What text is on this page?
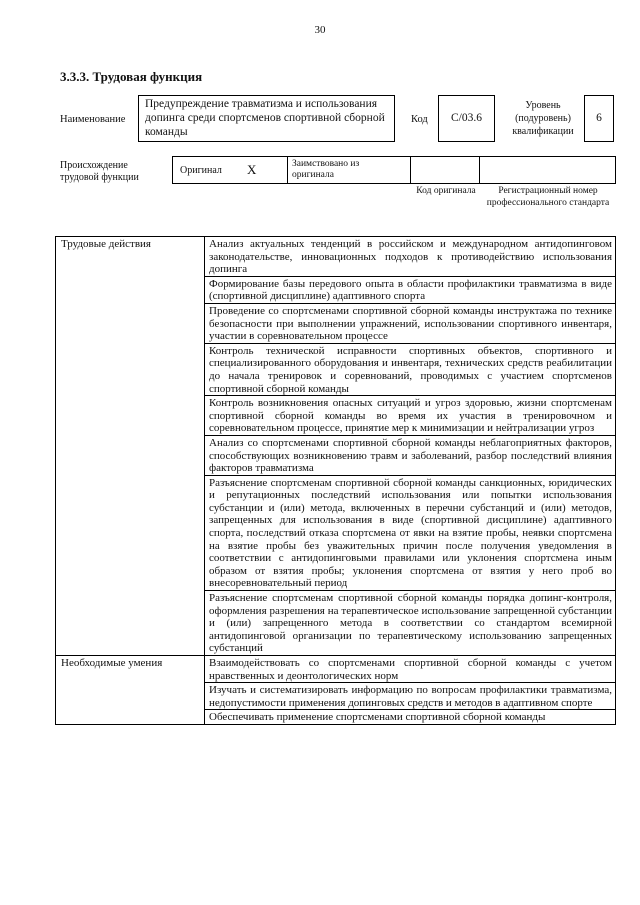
30
3.3.3. Трудовая функция
Наименование
Предупреждение травматизма и использования допинга среди спортсменов спортивной сборной команды
Код	C/03.6
Уровень (подуровень) квалификации
6
Происхождение трудовой функции
Оригинал X	Заимствовано из оригинала
Код оригинала	Регистрационный номер профессионального стандарта
Трудовые действия	Анализ актуальных тенденций в российском и международном антидопинговом законодательстве, инновационных подходов к противодействию использования допинга
	Формирование базы передового опыта в области профилактики травматизма в виде (спортивной дисциплине) адаптивного спорта
	Проведение со спортсменами спортивной сборной команды инструктажа по технике безопасности при выполнении упражнений, использовании спортивного инвентаря, участии в соревновательном процессе
	Контроль технической исправности спортивных объектов, спортивного и специализированного оборудования и инвентаря, технических средств реабилитации до начала тренировок и соревнований, проводимых с участием спортсменов спортивной сборной команды
	Контроль возникновения опасных ситуаций и угроз здоровью, жизни спортсменам спортивной сборной команды во время их участия в тренировочном и соревновательном процессе, принятие мер к минимизации и нейтрализации угроз
	Анализ со спортсменами спортивной сборной команды неблагоприятных факторов, способствующих возникновению травм и заболеваний, разбор последствий влияния факторов травматизма
	Разъяснение спортсменам спортивной сборной команды санкционных, юридических и репутационных последствий использования или попытки использования субстанции и (или) метода, включенных в перечни субстанций и (или) методов, запрещенных для использования в виде (спортивной дисциплине) адаптивного спорта, последствий отказа спортсмена от явки на взятие пробы, неявки спортсмена на взятие пробы без уважительных причин после получения уведомления в соответствии с антидопинговыми правилами или уклонения спортсмена иным образом от взятия пробы; уклонения спортсмена от взятия у него проб во внесоревновательный период
	Разъяснение спортсменам спортивной сборной команды порядка допинг-контроля, оформления разрешения на терапевтическое использование запрещенной субстанции и (или) запрещенного метода в соответствии со стандартом всемирной антидопинговой организации по терапевтическому использованию запрещенных субстанций
Необходимые умения	Взаимодействовать со спортсменами спортивной сборной команды с учетом нравственных и деонтологических норм
	Изучать и систематизировать информацию по вопросам профилактики травматизма, недопустимости применения допинговых средств и методов в адаптивном спорте
	Обеспечивать применение спортсменами спортивной сборной команды
